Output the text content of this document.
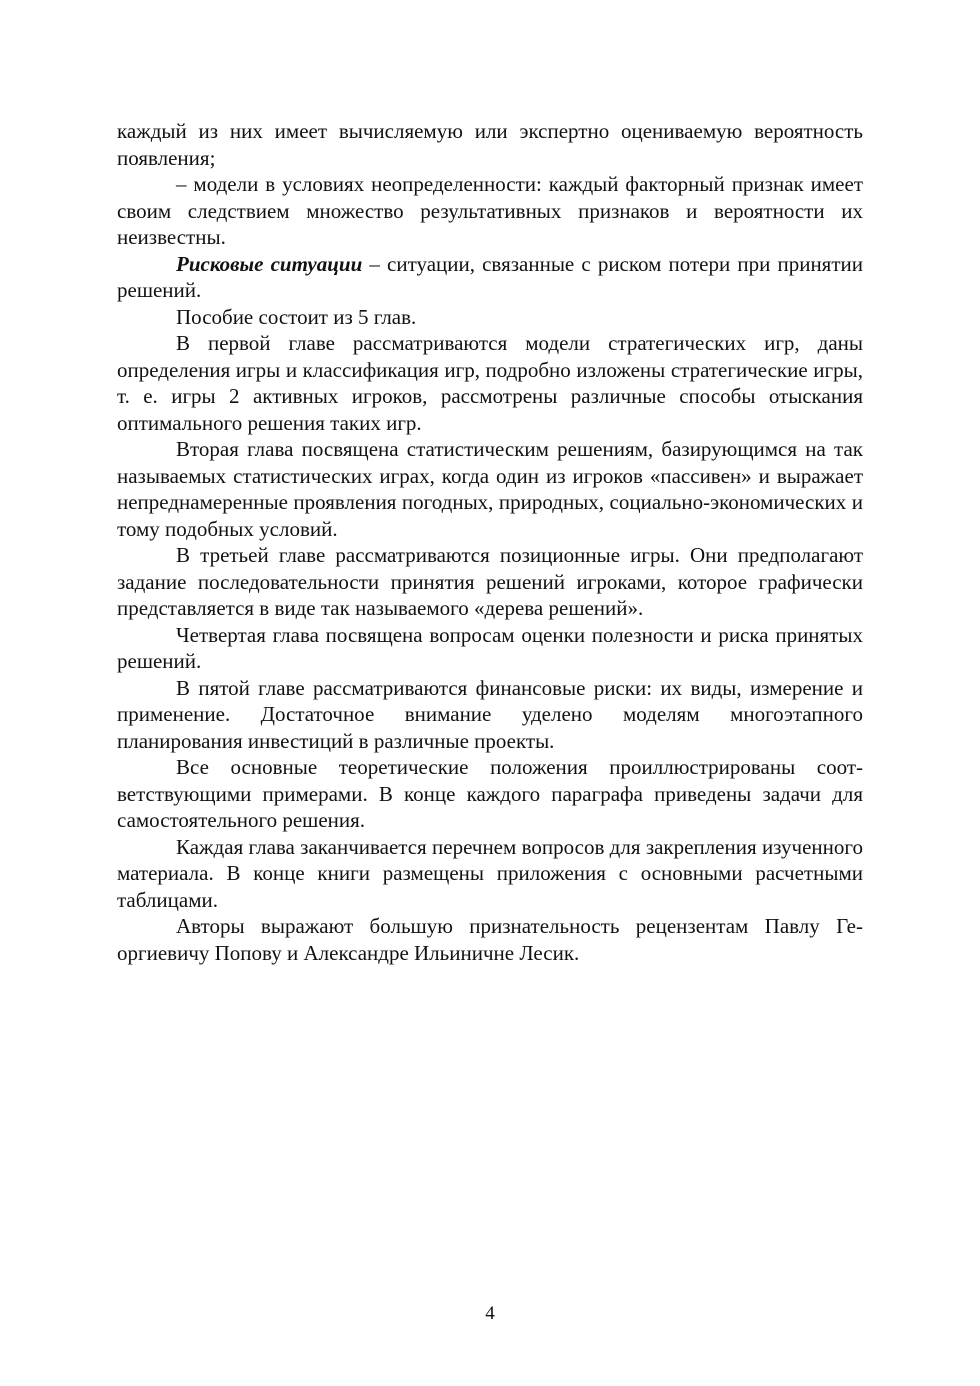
каждый из них имеет вычисляемую или экспертно оцениваемую вероятность появления;

– модели в условиях неопределенности: каждый факторный признак имеет своим следствием множество результативных признаков и вероятности их неизвестны.

Рисковые ситуации – ситуации, связанные с риском потери при принятии решений.

Пособие состоит из 5 глав.

В первой главе рассматриваются модели стратегических игр, даны определения игры и классификация игр, подробно изложены стратегические игры, т. е. игры 2 активных игроков, рассмотрены различные способы отыскания оптимального решения таких игр.

Вторая глава посвящена статистическим решениям, базирующимся на так называемых статистических играх, когда один из игроков «пассивен» и выражает непреднамеренные проявления погодных, природных, социально-экономических и тому подобных условий.

В третьей главе рассматриваются позиционные игры. Они предполагают задание последовательности принятия решений игроками, которое графически представляется в виде так называемого «дерева решений».

Четвертая глава посвящена вопросам оценки полезности и риска принятых решений.

В пятой главе рассматриваются финансовые риски: их виды, измерение и применение. Достаточное внимание уделено моделям многоэтапного планирования инвестиций в различные проекты.

Все основные теоретические положения проиллюстрированы соответствующими примерами. В конце каждого параграфа приведены задачи для самостоятельного решения.

Каждая глава заканчивается перечнем вопросов для закрепления изученного материала. В конце книги размещены приложения с основными расчетными таблицами.

Авторы выражают большую признательность рецензентам Павлу Георгиевичу Попову и Александре Ильиничне Лесик.

4
